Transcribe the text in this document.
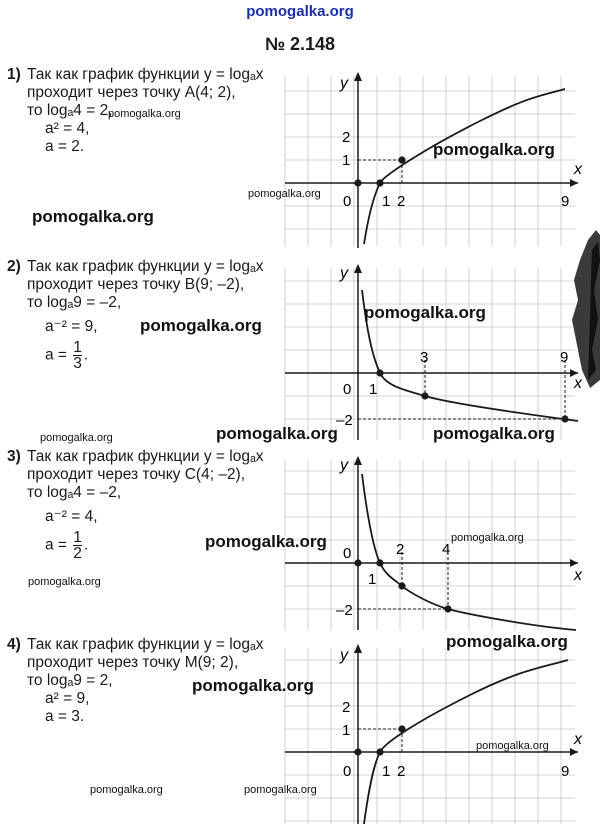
pomogalka.org
№ 2.148
1) Так как график функции y = logₐx
проходит через точку A(4; 2),
то logₐ4 = 2,
a² = 4,
a = 2.
2) Так как график функции y = logₐx
проходит через точку B(9; –2),
то logₐ9 = –2,
a⁻² = 9,
$a = \frac{1}{3}$ .
3) Так как график функции y = logₐx
проходит через точку C(4; –2),
то logₐ4 = –2,
a⁻² = 4,
$a = \frac{1}{2}$ .
4) Так как график функции y = logₐx
проходит через точку M(9; 2),
то logₐ9 = 2,
a² = 9,
a = 3.
y
x
2
1
0 1 2	9
y
x
–2
0 1
3	9
y
x
–2
0
1
2	4
y
x
2
1
0 1 2	9
pomogalka.org
pomogalka.org
pomogalka.org
pomogalka.org
pomogalka.org
pomogalka.org
pomogalka.org	pomogalka.org
pomogalka.org
pomogalka.org
pomogalka.org
pomogalka.org
pomogalka.org
pomogalka.org
pomogalka.org
pomogalka.org	pomogalka.org
